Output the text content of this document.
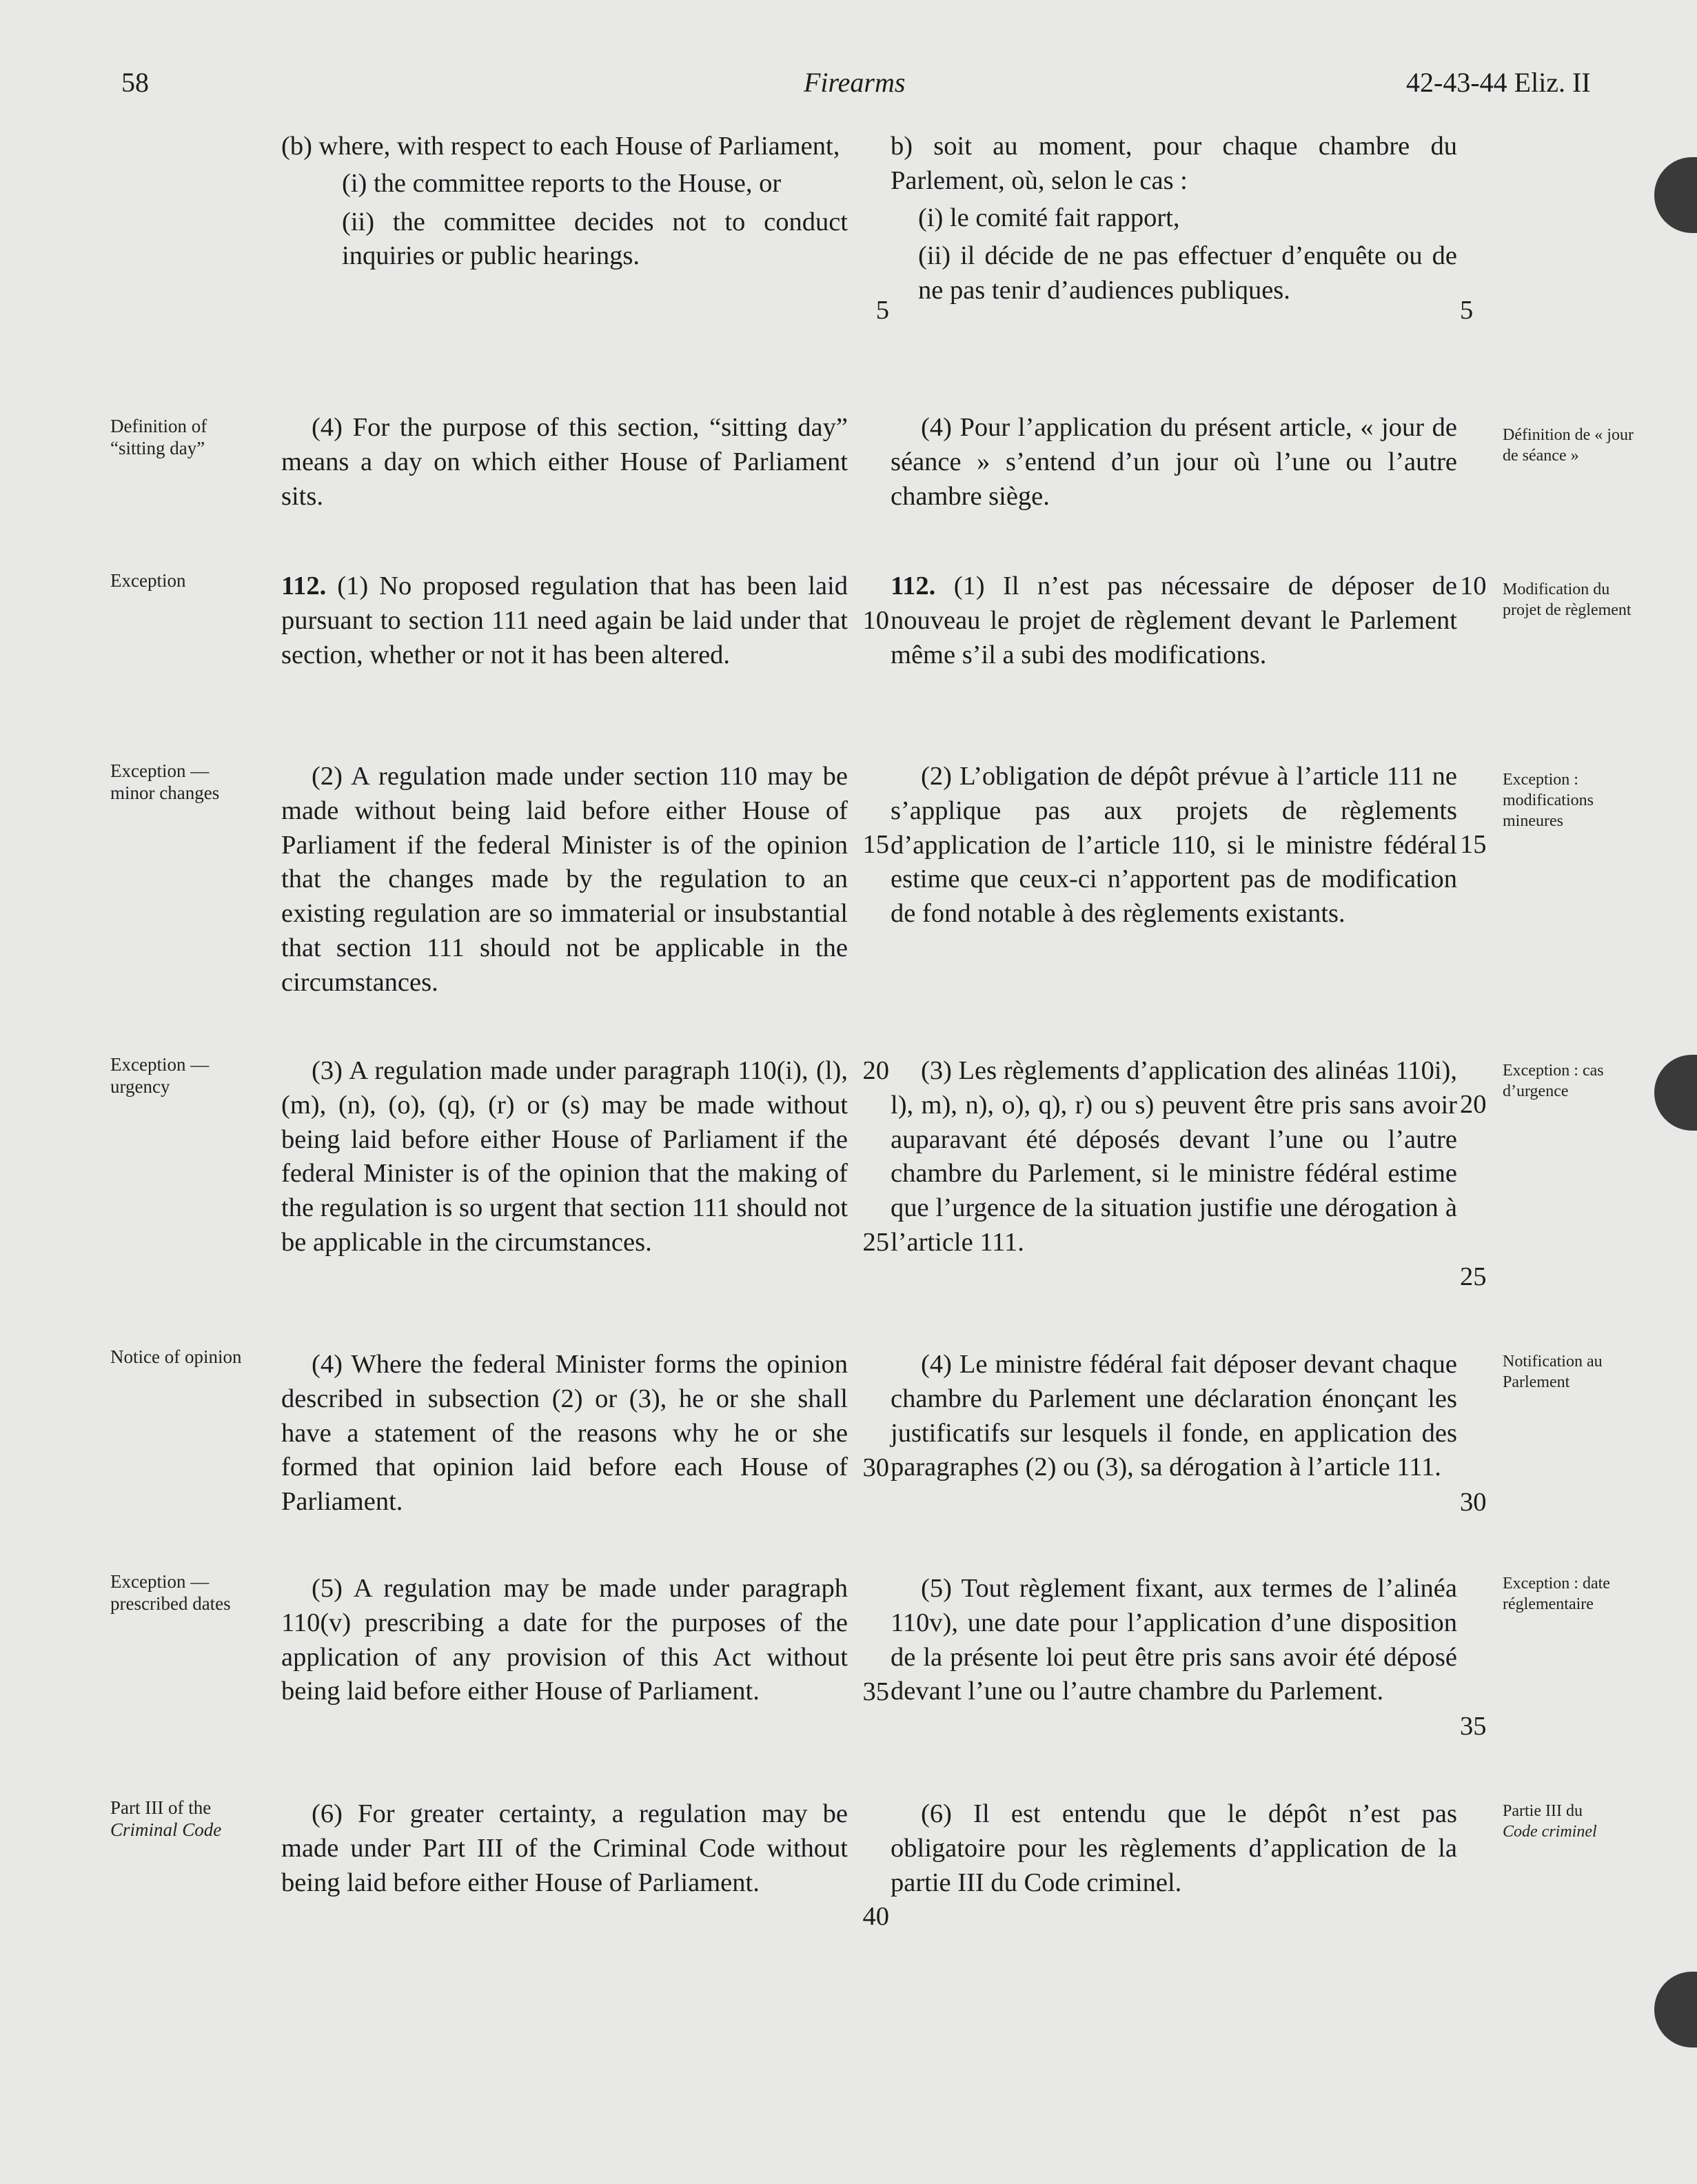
58	Firearms	42-43-44 Eliz. II

(b) where, with respect to each House of Parliament,

(i) the committee reports to the House, or

(ii) the committee decides not to conduct inquiries or public hearings.

(4) For the purpose of this section, “sitting day” means a day on which either House of Parliament sits.
112. (1) No proposed regulation that has been laid pursuant to section 111 need again be laid under that section, whether or not it has been altered.
(2) A regulation made under section 110 may be made without being laid before either House of Parliament if the federal Minister is of the opinion that the changes made by the regulation to an existing regulation are so immaterial or insubstantial that section 111 should not be applicable in the circumstances.
(3) A regulation made under paragraph 110(i), (l), (m), (n), (o), (q), (r) or (s) may be made without being laid before either House of Parliament if the federal Minister is of the opinion that the making of the regulation is so urgent that section 111 should not be applicable in the circumstances.
(4) Where the federal Minister forms the opinion described in subsection (2) or (3), he or she shall have a statement of the reasons why he or she formed that opinion laid before each House of Parliament.
(5) A regulation may be made under paragraph 110(v) prescribing a date for the purposes of the application of any provision of this Act without being laid before either House of Parliament.
(6) For greater certainty, a regulation may be made under Part III of the Criminal Code without being laid before either House of Parliament.

b) soit au moment, pour chaque chambre du Parlement, où, selon le cas :

(i) le comité fait rapport,

(ii) il décide de ne pas effectuer d’enquête ou de ne pas tenir d’audiences publiques.

(4) Pour l’application du présent article, « jour de séance » s’entend d’un jour où l’une ou l’autre chambre siège.
112. (1) Il n’est pas nécessaire de déposer de nouveau le projet de règlement devant le Parlement même s’il a subi des modifications.
(2) L’obligation de dépôt prévue à l’article 111 ne s’applique pas aux projets de règlements d’application de l’article 110, si le ministre fédéral estime que ceux-ci n’apportent pas de modification de fond notable à des règlements existants.
(3) Les règlements d’application des alinéas 110i), l), m), n), o), q), r) ou s) peuvent être pris sans avoir auparavant été déposés devant l’une ou l’autre chambre du Parlement, si le ministre fédéral estime que l’urgence de la situation justifie une dérogation à l’article 111.
(4) Le ministre fédéral fait déposer devant chaque chambre du Parlement une déclaration énonçant les justificatifs sur lesquels il fonde, en application des paragraphes (2) ou (3), sa dérogation à l’article 111.
(5) Tout règlement fixant, aux termes de l’alinéa 110v), une date pour l’application d’une disposition de la présente loi peut être pris sans avoir été déposé devant l’une ou l’autre chambre du Parlement.
(6) Il est entendu que le dépôt n’est pas obligatoire pour les règlements d’application de la partie III du Code criminel.
5
10
15
20
25
30
35
40
5
10
15
20
25
30
35
Definition of “sitting day”
Exception
Exception — minor changes
Exception — urgency
Notice of opinion
Exception — prescribed dates
Part III of the
Criminal Code
Définition de « jour de séance »
Modification du projet de règlement
Exception : modifications mineures
Exception : cas d’urgence
Notification au Parlement
Exception : date réglementaire
Partie III du
Code criminel
